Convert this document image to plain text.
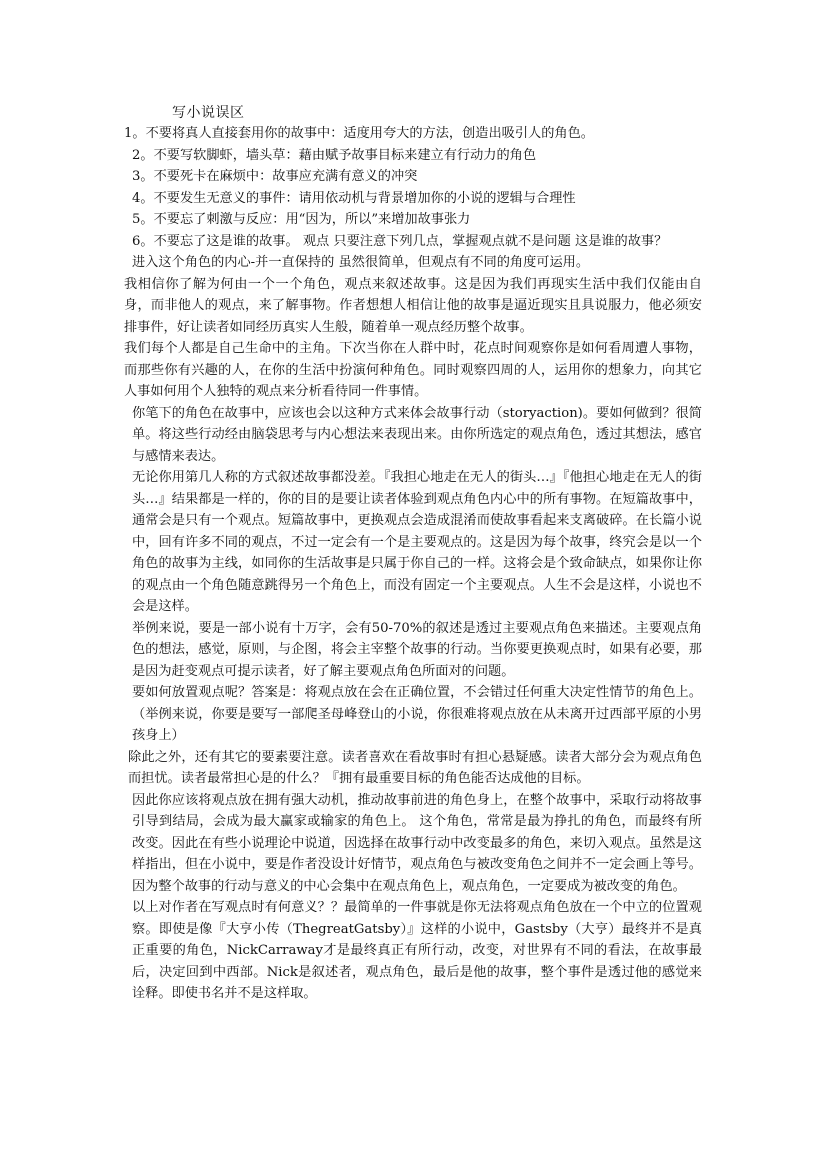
写小说误区

1。不要将真人直接套用你的故事中：适度用夸大的方法，创造出吸引人的角色。

2。不要写软脚虾，墙头草：藉由赋予故事目标来建立有行动力的角色

3。不要死卡在麻烦中：故事应充满有意义的冲突

4。不要发生无意义的事件：请用依动机与背景增加你的小说的逻辑与合理性

5。不要忘了刺激与反应：用“因为，所以”来增加故事张力

6。不要忘了这是谁的故事。 观点 只要注意下列几点，掌握观点就不是问题 这是谁的故事？

进入这个角色的内心-并一直保持的 虽然很简单，但观点有不同的角度可运用。

我相信你了解为何由一个一个角色，观点来叙述故事。这是因为我们再现实生活中我们仅能由自身，而非他人的观点，来了解事物。作者想想人相信让他的故事是逼近现实且具说服力，他必须安排事件，好让读者如同经历真实人生般，随着单一观点经历整个故事。

我们每个人都是自己生命中的主角。下次当你在人群中时，花点时间观察你是如何看周遭人事物，而那些你有兴趣的人，在你的生活中扮演何种角色。同时观察四周的人，运用你的想象力，向其它人事如何用个人独特的观点来分析看待同一件事情。

你笔下的角色在故事中，应该也会以这种方式来体会故事行动（storyaction)。要如何做到？很简单。将这些行动经由脑袋思考与内心想法来表现出来。由你所选定的观点角色，透过其想法，感官与感情来表达。

无论你用第几人称的方式叙述故事都没差。『我担心地走在无人的街头…』『他担心地走在无人的街头…』结果都是一样的，你的目的是要让读者体验到观点角色内心中的所有事物。在短篇故事中，通常会是只有一个观点。短篇故事中，更换观点会造成混淆而使故事看起来支离破碎。在长篇小说中，回有许多不同的观点，不过一定会有一个是主要观点的。这是因为每个故事，终究会是以一个角色的故事为主线，如同你的生活故事是只属于你自己的一样。这将会是个致命缺点，如果你让你的观点由一个角色随意跳得另一个角色上，而没有固定一个主要观点。人生不会是这样，小说也不会是这样。

举例来说，要是一部小说有十万字，会有50-70%的叙述是透过主要观点角色来描述。主要观点角色的想法，感觉，原则，与企图，将会主宰整个故事的行动。当你要更换观点时，如果有必要，那是因为赶变观点可提示读者，好了解主要观点角色所面对的问题。

要如何放置观点呢？答案是：将观点放在会在正确位置，不会错过任何重大决定性情节的角色上。（举例来说，你要是要写一部爬圣母峰登山的小说，你很难将观点放在从未离开过西部平原的小男孩身上）

除此之外，还有其它的要素要注意。读者喜欢在看故事时有担心悬疑感。读者大部分会为观点角色而担忧。读者最常担心是的什么？『拥有最重要目标的角色能否达成他的目标。

因此你应该将观点放在拥有强大动机，推动故事前进的角色身上，在整个故事中，采取行动将故事引导到结局，会成为最大赢家或输家的角色上。 这个角色，常常是最为挣扎的角色，而最终有所改变。因此在有些小说理论中说道，因选择在故事行动中改变最多的角色，来切入观点。虽然是这样指出，但在小说中，要是作者没设计好情节，观点角色与被改变角色之间并不一定会画上等号。因为整个故事的行动与意义的中心会集中在观点角色上，观点角色，一定要成为被改变的角色。

以上对作者在写观点时有何意义？？最简单的一件事就是你无法将观点角色放在一个中立的位置观察。即使是像『大亨小传（ThegreatGatsby）』这样的小说中，Gastsby（大亨）最终并不是真正重要的角色，NickCarraway才是最终真正有所行动，改变，对世界有不同的看法，在故事最后，决定回到中西部。Nick是叙述者，观点角色，最后是他的故事，整个事件是透过他的感觉来诠释。即使书名并不是这样取。
